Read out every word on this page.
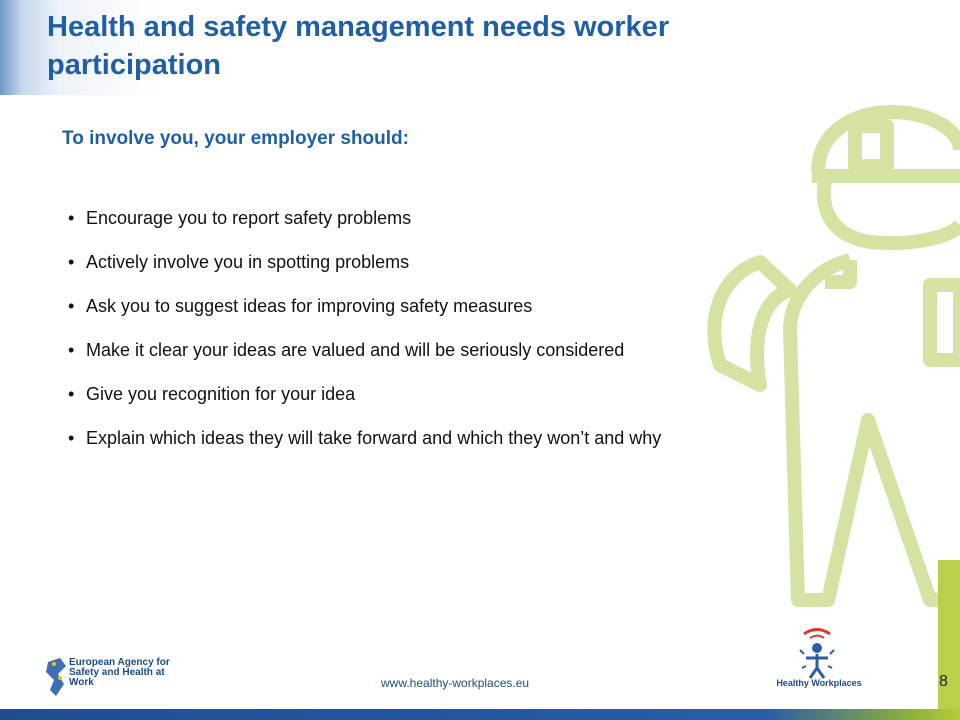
Health and safety management needs worker participation

To involve you, your employer should:

• Encourage you to report safety problems
• Actively involve you in spotting problems
• Ask you to suggest ideas for improving safety measures
• Make it clear your ideas are valued and will be seriously considered
• Give you recognition for your idea
• Explain which ideas they will take forward and which they won’t and why

European Agency for Safety and Health at Work	www.healthy-workplaces.eu	Healthy Workplaces	8
